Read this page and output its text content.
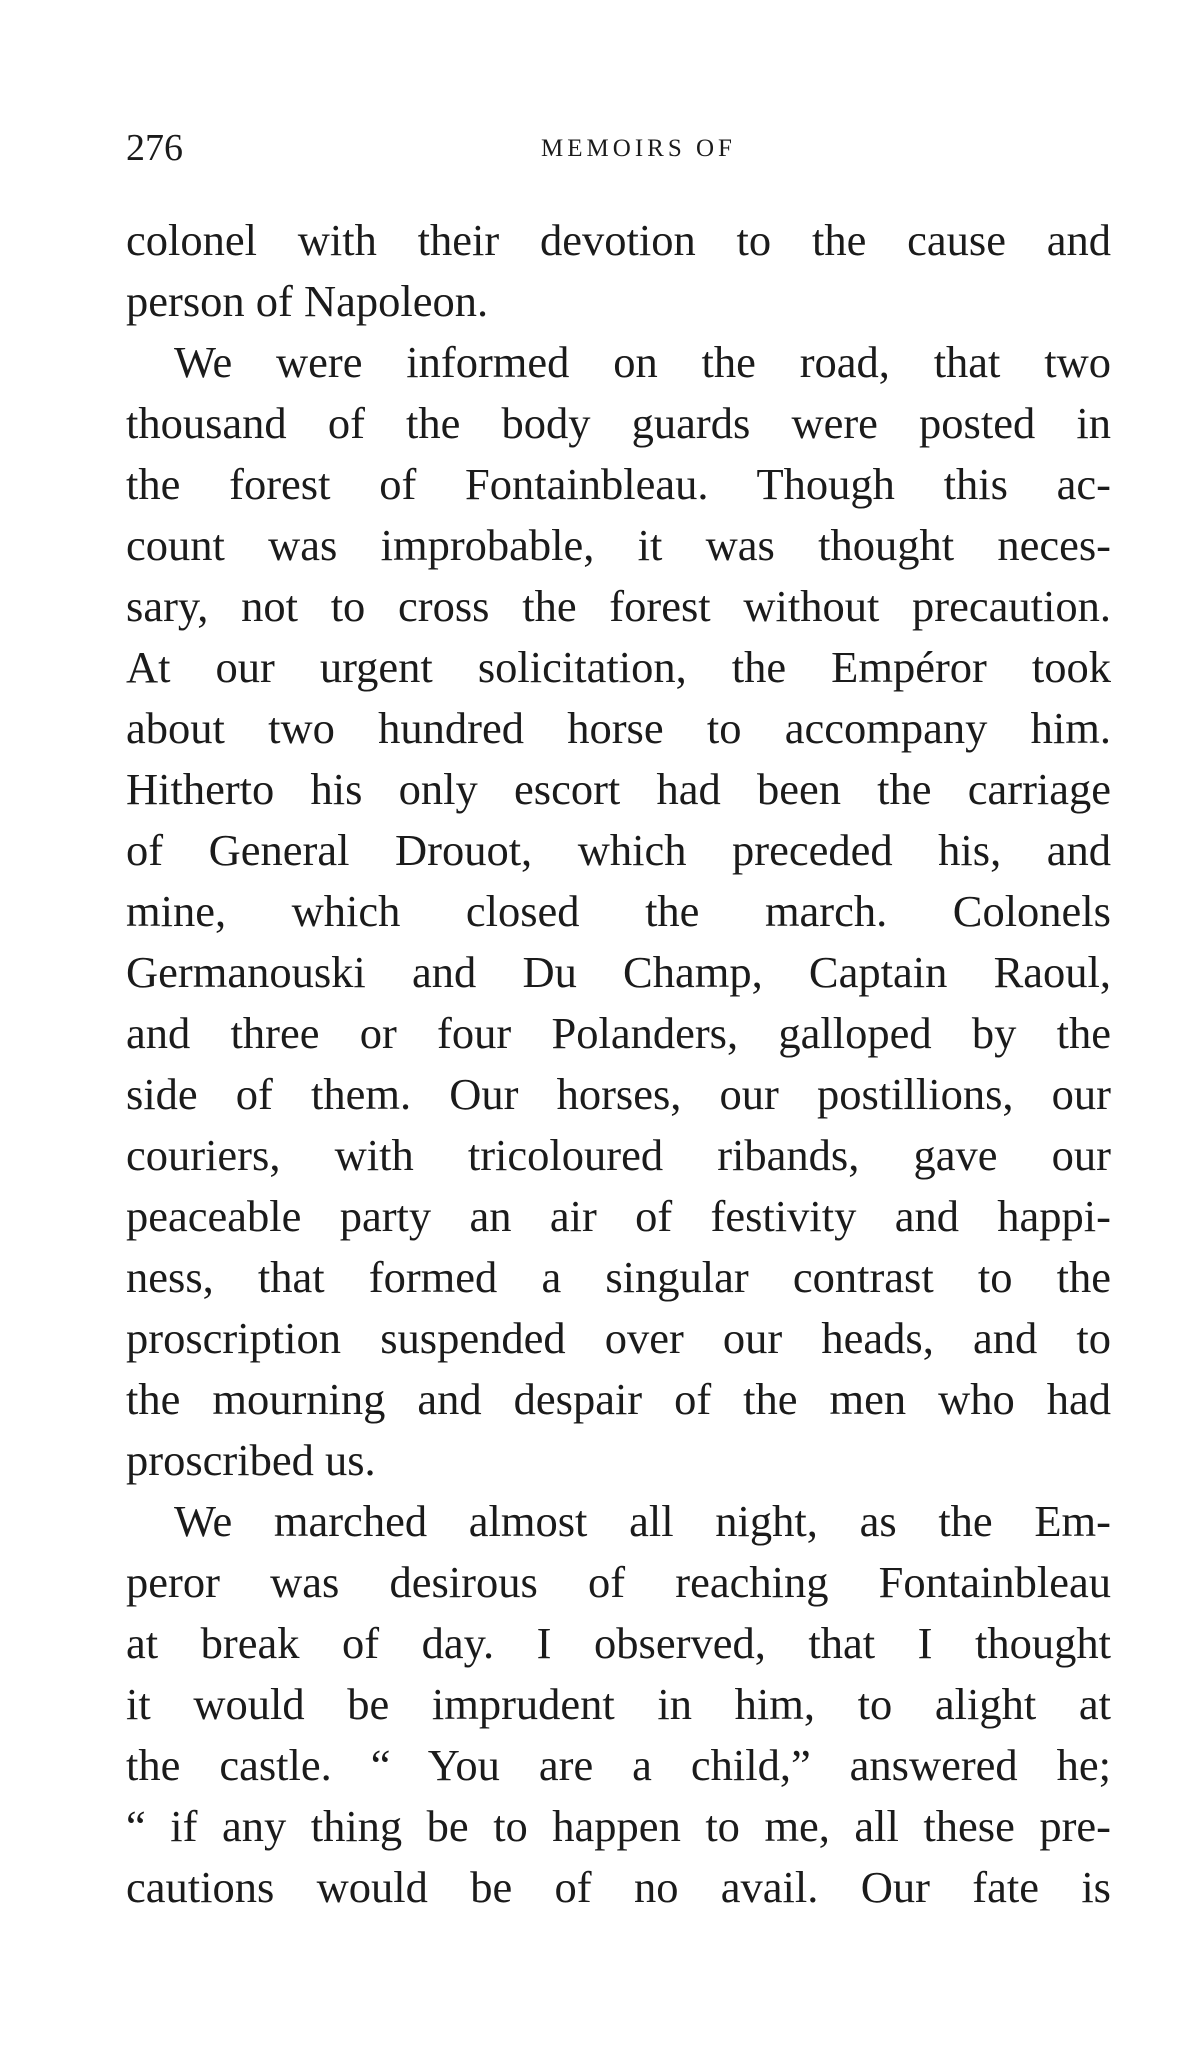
276	MEMOIRS OF
colonel with their devotion to the cause and
person of Napoleon.
We were informed on the road, that two
thousand of the body guards were posted in
the forest of Fontainbleau. Though this ac-
count was improbable, it was thought neces-
sary, not to cross the forest without precaution.
At our urgent solicitation, the Empéror took
about two hundred horse to accompany him.
Hitherto his only escort had been the carriage
of General Drouot, which preceded his, and
mine, which closed the march. Colonels
Germanouski and Du Champ, Captain Raoul,
and three or four Polanders, galloped by the
side of them. Our horses, our postillions, our
couriers, with tricoloured ribands, gave our
peaceable party an air of festivity and happi-
ness, that formed a singular contrast to the
proscription suspended over our heads, and to
the mourning and despair of the men who had
proscribed us.
We marched almost all night, as the Em-
peror was desirous of reaching Fontainbleau
at break of day. I observed, that I thought
it would be imprudent in him, to alight at
the castle. “ You are a child,” answered he;
“ if any thing be to happen to me, all these pre-
cautions would be of no avail. Our fate is
